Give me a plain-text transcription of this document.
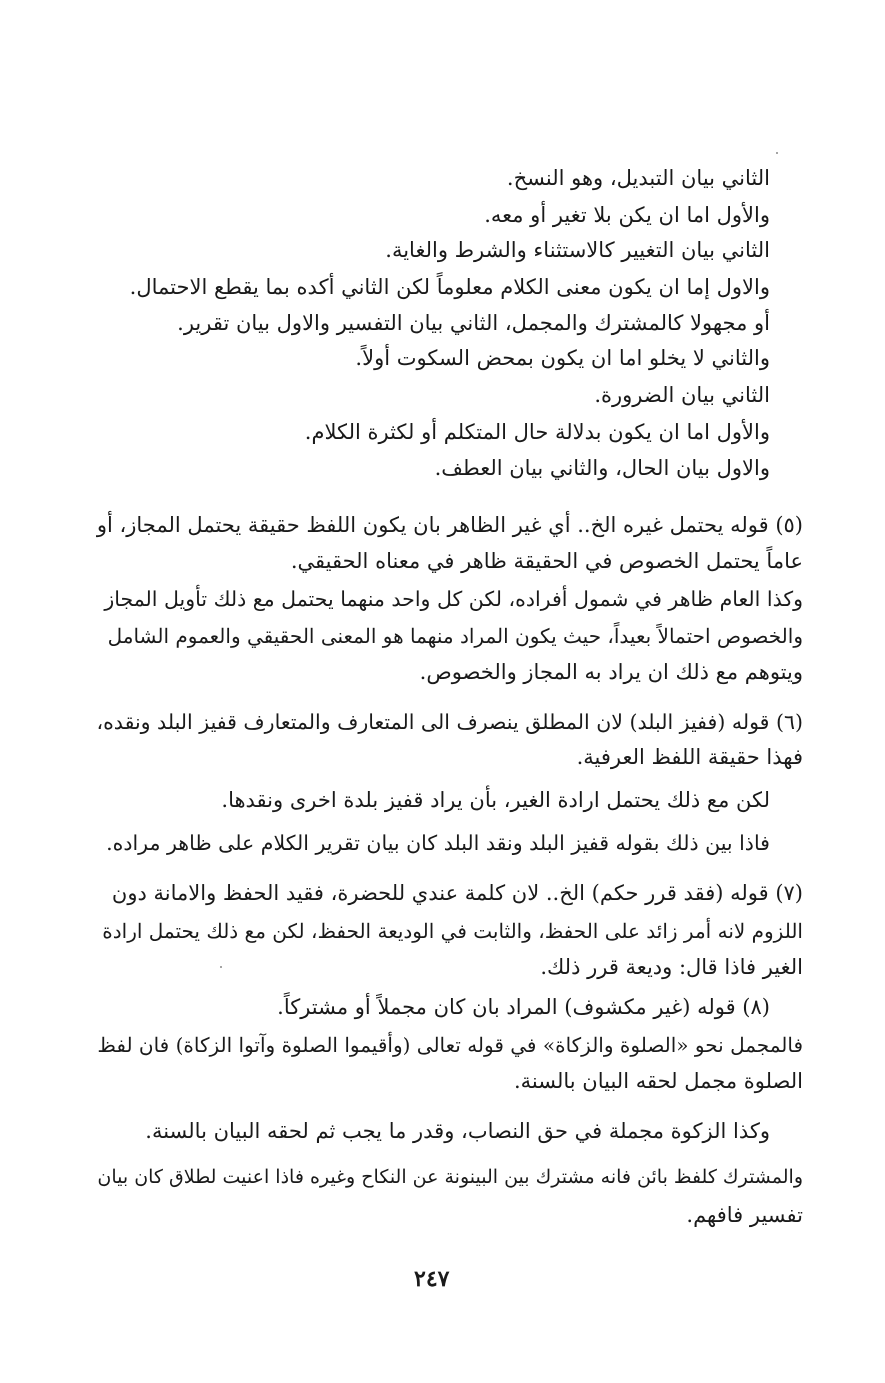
الثاني بيان التبديل، وهو النسخ.
والأول اما ان يكن بلا تغير أو معه.
الثاني بيان التغيير كالاستثناء والشرط والغاية.
والاول إما ان يكون معنى الكلام معلوماً لكن الثاني أكده بما يقطع الاحتمال.
أو مجهولا كالمشترك والمجمل، الثاني بيان التفسير والاول بيان تقرير.
والثاني لا يخلو اما ان يكون بمحض السكوت أولاً.
الثاني بيان الضرورة.
والأول اما ان يكون بدلالة حال المتكلم أو لكثرة الكلام.
والاول بيان الحال، والثاني بيان العطف.
(٥) قوله يحتمل غيره الخ.. أي غير الظاهر بان يكون اللفظ حقيقة يحتمل المجاز، أو
عاماً يحتمل الخصوص في الحقيقة ظاهر في معناه الحقيقي.
وكذا العام ظاهر في شمول أفراده، لكن كل واحد منهما يحتمل مع ذلك تأويل المجاز
والخصوص احتمالاً بعيداً، حيث يكون المراد منهما هو المعنى الحقيقي والعموم الشامل
ويتوهم مع ذلك ان يراد به المجاز والخصوص.
(٦) قوله (ففيز البلد) لان المطلق ينصرف الى المتعارف والمتعارف قفيز البلد ونقده،
فهذا حقيقة اللفظ العرفية.
لكن مع ذلك يحتمل ارادة الغير، بأن يراد قفيز بلدة اخرى ونقدها.
فاذا بين ذلك بقوله قفيز البلد ونقد البلد كان بيان تقرير الكلام على ظاهر مراده.
(٧) قوله (فقد قرر حكم) الخ.. لان كلمة عندي للحضرة، فقيد الحفظ والامانة دون
اللزوم لانه أمر زائد على الحفظ، والثابت في الوديعة الحفظ، لكن مع ذلك يحتمل ارادة
الغير فاذا قال: وديعة قرر ذلك.
(٨) قوله (غير مكشوف) المراد بان كان مجملاً أو مشتركاً.
فالمجمل نحو «الصلوة والزكاة» في قوله تعالى (وأقيموا الصلوة وآتوا الزكاة) فان لفظ
الصلوة مجمل لحقه البيان بالسنة.
وكذا الزكوة مجملة في حق النصاب، وقدر ما يجب ثم لحقه البيان بالسنة.
والمشترك كلفظ بائن فانه مشترك بين البينونة عن النكاح وغيره فاذا اعنيت لطلاق كان بيان
تفسير فافهم.
٢٤٧
